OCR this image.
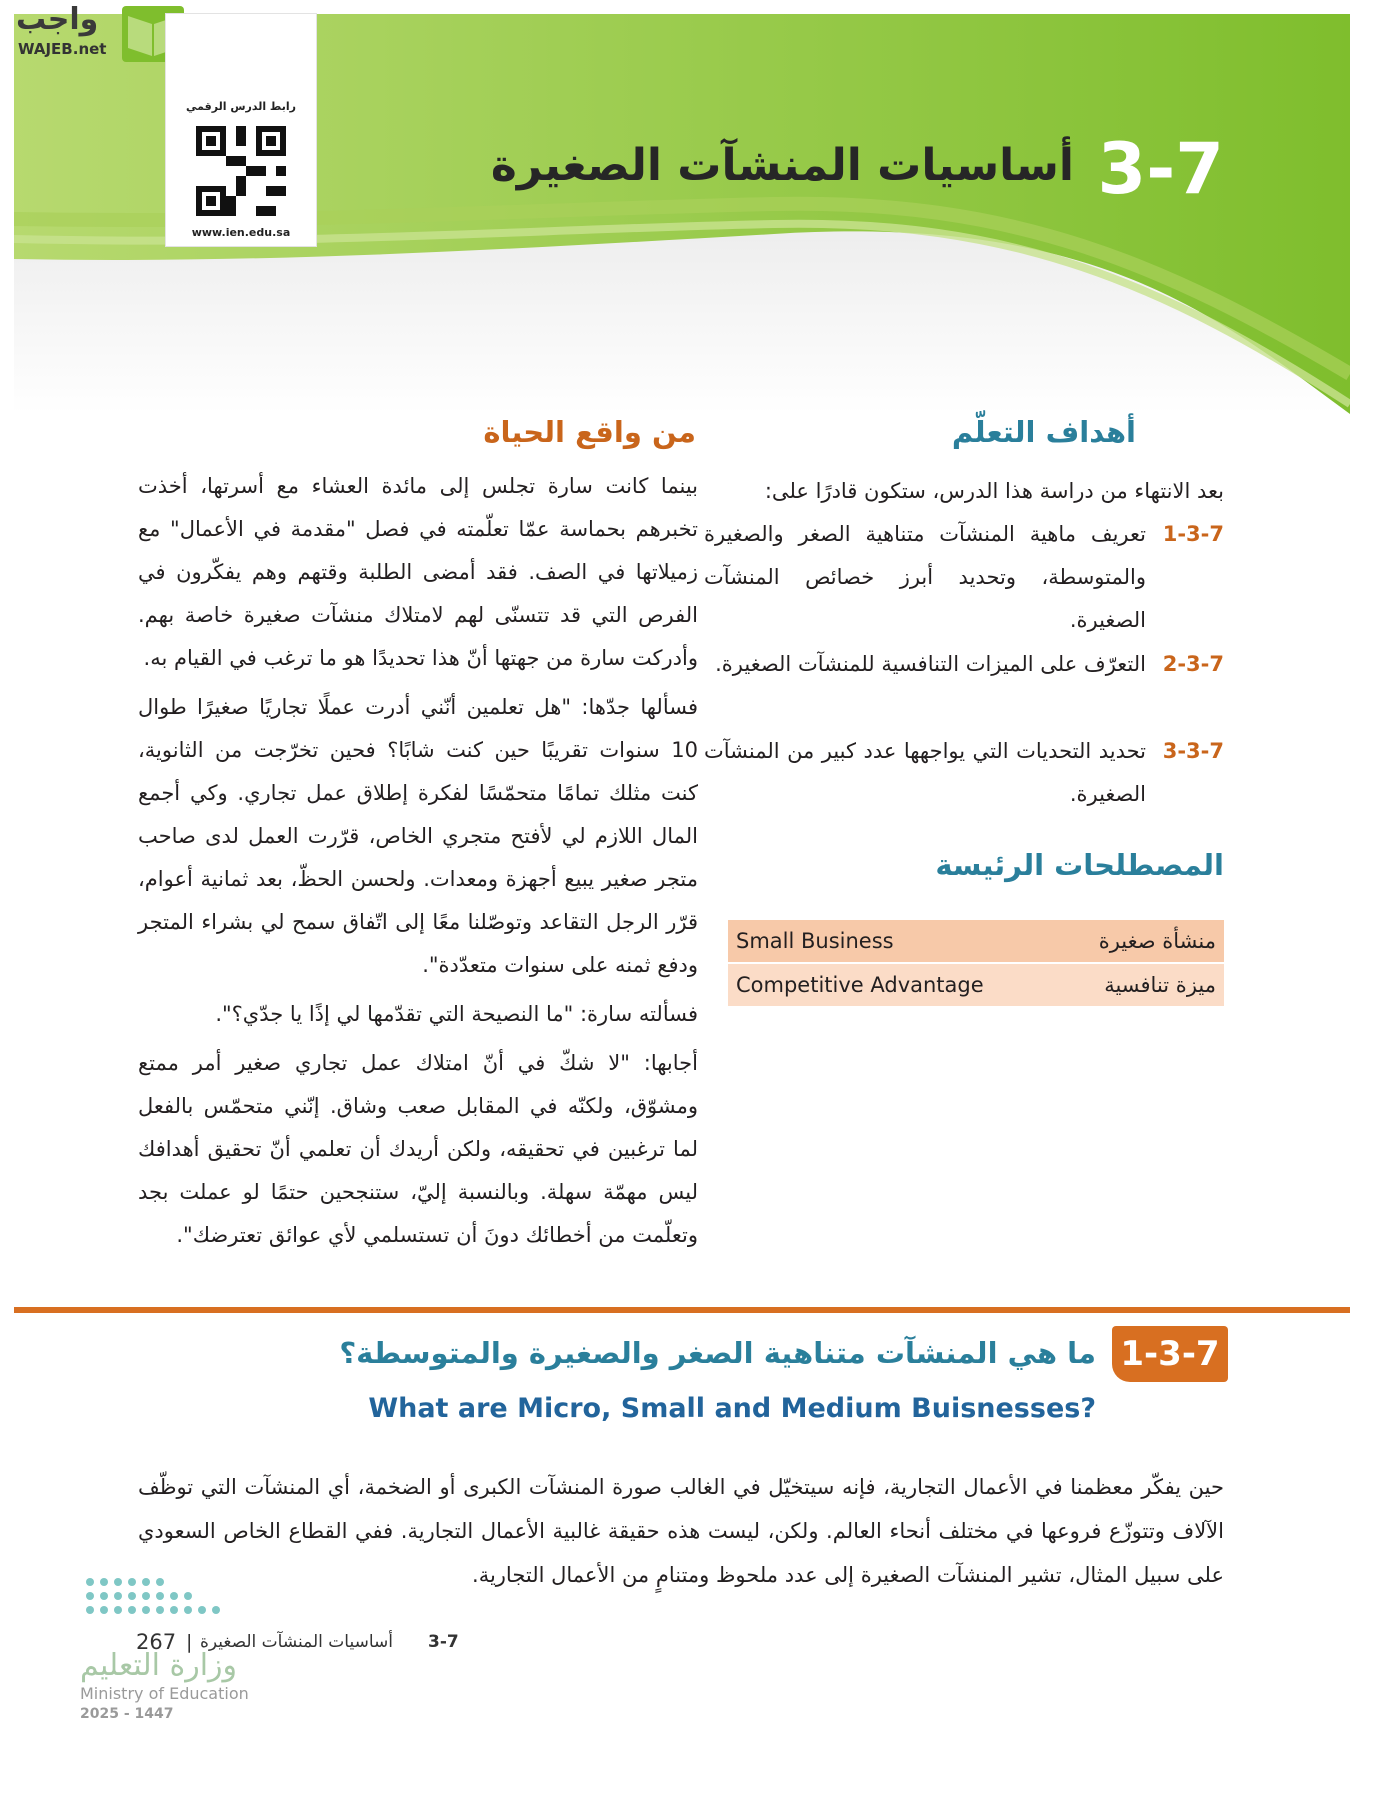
واجب
WAJEB.net
رابط الدرس الرقمي
www.ien.edu.sa
3-7
أساسيات المنشآت الصغيرة
أهداف التعلّم
بعد الانتهاء من دراسة هذا الدرس، ستكون قادرًا على:
1-3-7
تعريف ماهية المنشآت متناهية الصغر والصغيرة والمتوسطة، وتحديد أبرز خصائص المنشآت الصغيرة.
2-3-7
التعرّف على الميزات التنافسية للمنشآت الصغيرة.
3-3-7
تحديد التحديات التي يواجهها عدد كبير من المنشآت الصغيرة.
المصطلحات الرئيسة
Small Business	منشأة صغيرة
Competitive Advantage	ميزة تنافسية
من واقع الحياة

بينما كانت سارة تجلس إلى مائدة العشاء مع أسرتها، أخذت تخبرهم بحماسة عمّا تعلّمته في فصل "مقدمة في الأعمال" مع زميلاتها في الصف. فقد أمضى الطلبة وقتهم وهم يفكّرون في الفرص التي قد تتسنّى لهم لامتلاك منشآت صغيرة خاصة بهم. وأدركت سارة من جهتها أنّ هذا تحديدًا هو ما ترغب في القيام به.

فسألها جدّها: "هل تعلمين أنّني أدرت عملًا تجاريًا صغيرًا طوال 10 سنوات تقريبًا حين كنت شابًا؟ فحين تخرّجت من الثانوية، كنت مثلك تمامًا متحمّسًا لفكرة إطلاق عمل تجاري. وكي أجمع المال اللازم لي لأفتح متجري الخاص، قرّرت العمل لدى صاحب متجر صغير يبيع أجهزة ومعدات. ولحسن الحظّ، بعد ثمانية أعوام، قرّر الرجل التقاعد وتوصّلنا معًا إلى اتّفاق سمح لي بشراء المتجر ودفع ثمنه على سنوات متعدّدة".

فسألته سارة: "ما النصيحة التي تقدّمها لي إذًا يا جدّي؟".

أجابها: "لا شكّ في أنّ امتلاك عمل تجاري صغير أمر ممتع ومشوّق، ولكنّه في المقابل صعب وشاق. إنّني متحمّس بالفعل لما ترغبين في تحقيقه، ولكن أريدك أن تعلمي أنّ تحقيق أهدافك ليس مهمّة سهلة. وبالنسبة إليّ، ستنجحين حتمًا لو عملت بجد وتعلّمت من أخطائك دونَ أن تستسلمي لأي عوائق تعترضك".

1-3-7
ما هي المنشآت متناهية الصغر والصغيرة والمتوسطة؟
What are Micro, Small and Medium Buisnesses?
حين يفكّر معظمنا في الأعمال التجارية، فإنه سيتخيّل في الغالب صورة المنشآت الكبرى أو الضخمة، أي المنشآت التي توظّف الآلاف وتتوزّع فروعها في مختلف أنحاء العالم. ولكن، ليست هذه حقيقة غالبية الأعمال التجارية. ففي القطاع الخاص السعودي على سبيل المثال، تشير المنشآت الصغيرة إلى عدد ملحوظ ومتنامٍ من الأعمال التجارية.
267 | أساسيات المنشآت الصغيرة 3-7
وزارة التعليم
Ministry of Education
2025 - 1447
